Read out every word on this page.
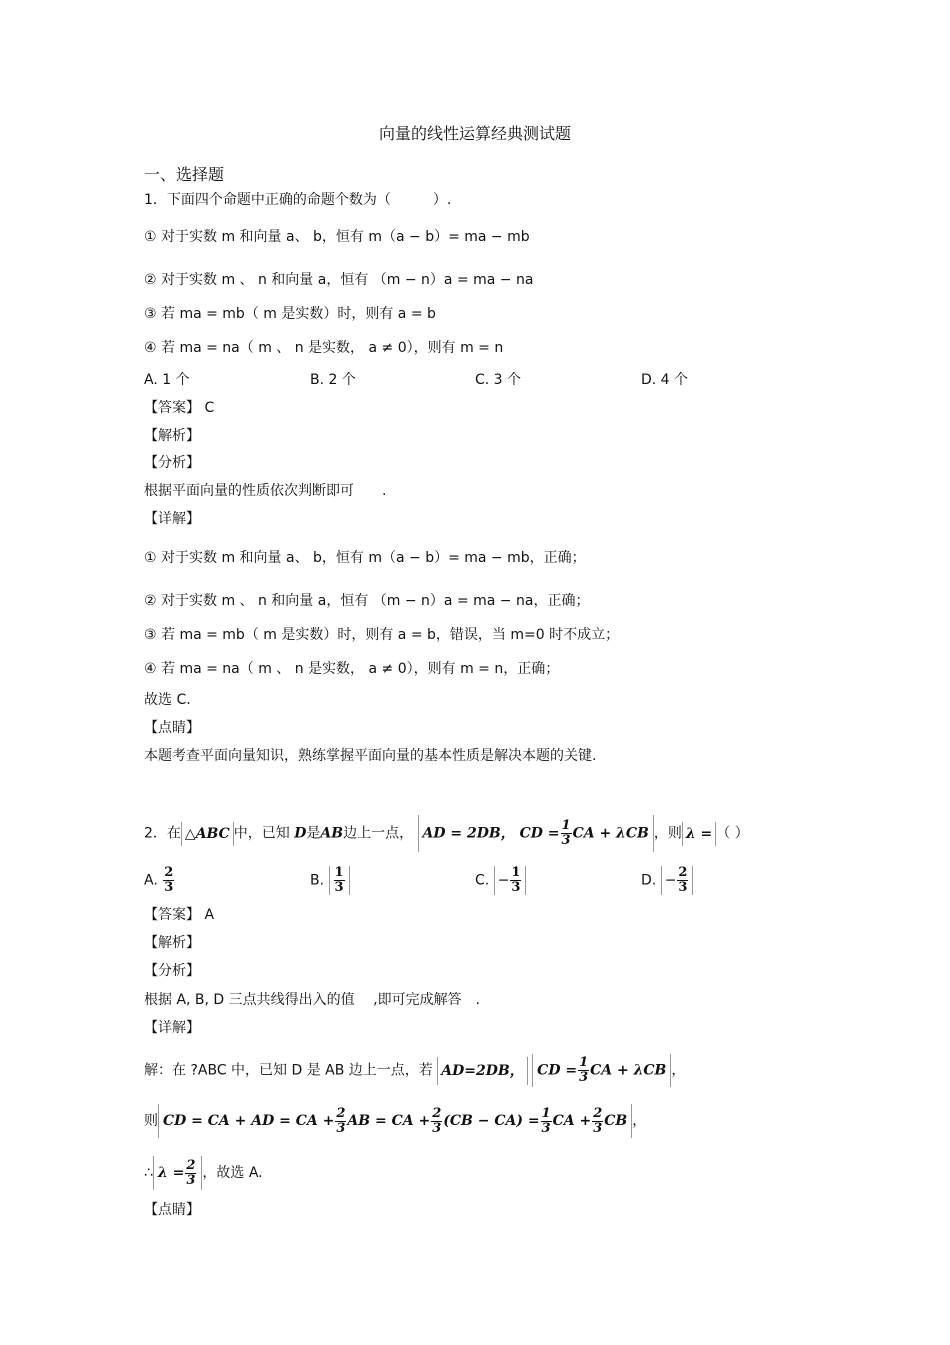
向量的线性运算经典测试题
一、选择题
1．下面四个命题中正确的命题个数为（　　　）.
① 对于实数 m 和向量 a、 b，恒有 m（a − b）= ma − mb
② 对于实数 m 、 n 和向量 a，恒有 （m − n）a = ma − na
③ 若 ma = mb（ m 是实数）时，则有 a = b
④ 若 ma = na（ m 、 n 是实数， a ≠ 0），则有 m = n
A. 1 个	B. 2 个	C. 3 个	D. 4 个
【答案】 C
【解析】
【分析】
根据平面向量的性质依次判断即可　　.
【详解】
① 对于实数 m 和向量 a、 b，恒有 m（a − b）= ma − mb，正确；
② 对于实数 m 、 n 和向量 a，恒有 （m − n）a = ma − na，正确；
③ 若 ma = mb（ m 是实数）时，则有 a = b，错误，当 m=0 时不成立；
④ 若 ma = na（ m 、 n 是实数， a ≠ 0），则有 m = n，正确；
故选 C.
【点睛】
本题考查平面向量知识，熟练掌握平面向量的基本性质是解决本题的关键.
2．在 △ABC 中，已知 D是AB边上一点， AD = 2DB， CD = $\frac{1}{3}$ CA + λCB ，则 λ = （ ）
A. $\frac{2}{3}$	B. $\frac{1}{3}$	C. − $\frac{1}{3}$	D. − $\frac{2}{3}$
【答案】 A
【解析】
【分析】
根据 A, B, D 三点共线得出入的值　 ,即可完成解答　.
【详解】
解：在 ?ABC 中，已知 D 是 AB 边上一点，若 AD=2DB， CD = $\frac{1}{3}$ CA + λCB ，
则 CD = CA + AD = CA + $\frac{2}{3}$ AB = CA + $\frac{2}{3} (CB - CA) = \frac{1}{3}$ CA + $\frac{2}{3}$ CB ，
∴ $\lambda = \frac{2}{3}$ ，故选 A.
【点睛】
